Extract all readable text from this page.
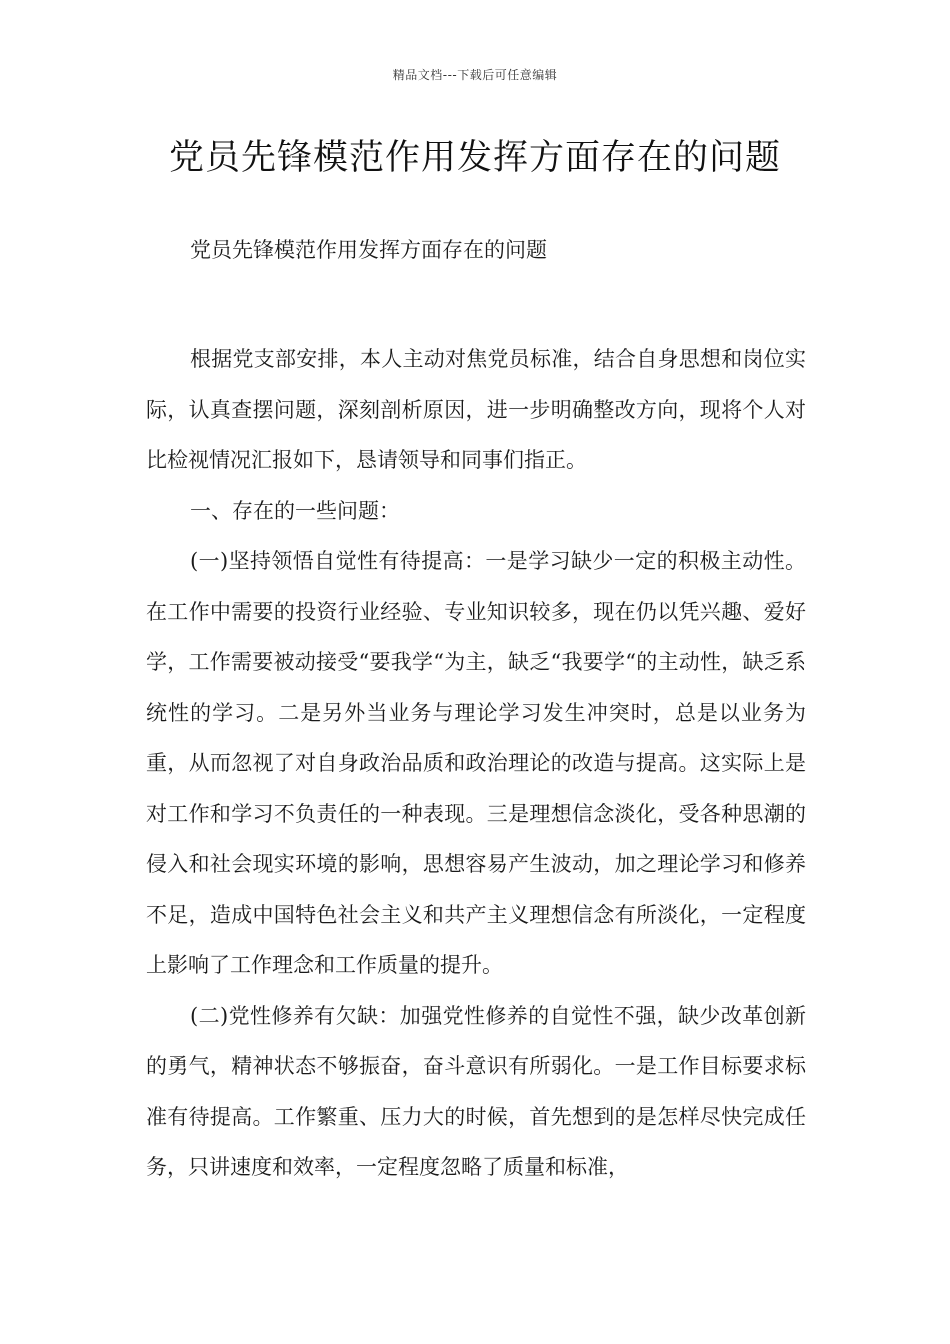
精品文档---下载后可任意编辑
党员先锋模范作用发挥方面存在的问题
党员先锋模范作用发挥方面存在的问题

根据党支部安排，本人主动对焦党员标准，结合自身思想和岗位实际，认真查摆问题，深刻剖析原因，进一步明确整改方向，现将个人对比检视情况汇报如下，恳请领导和同事们指正。

一、存在的一些问题：

(一)坚持领悟自觉性有待提高：一是学习缺少一定的积极主动性。在工作中需要的投资行业经验、专业知识较多，现在仍以凭兴趣、爱好学，工作需要被动接受“要我学“为主，缺乏“我要学“的主动性，缺乏系统性的学习。二是另外当业务与理论学习发生冲突时，总是以业务为重，从而忽视了对自身政治品质和政治理论的改造与提高。这实际上是对工作和学习不负责任的一种表现。三是理想信念淡化，受各种思潮的侵入和社会现实环境的影响，思想容易产生波动，加之理论学习和修养不足，造成中国特色社会主义和共产主义理想信念有所淡化，一定程度上影响了工作理念和工作质量的提升。

(二)党性修养有欠缺：加强党性修养的自觉性不强，缺少改革创新的勇气，精神状态不够振奋，奋斗意识有所弱化。一是工作目标要求标准有待提高。工作繁重、压力大的时候，首先想到的是怎样尽快完成任务，只讲速度和效率，一定程度忽略了质量和标准，
